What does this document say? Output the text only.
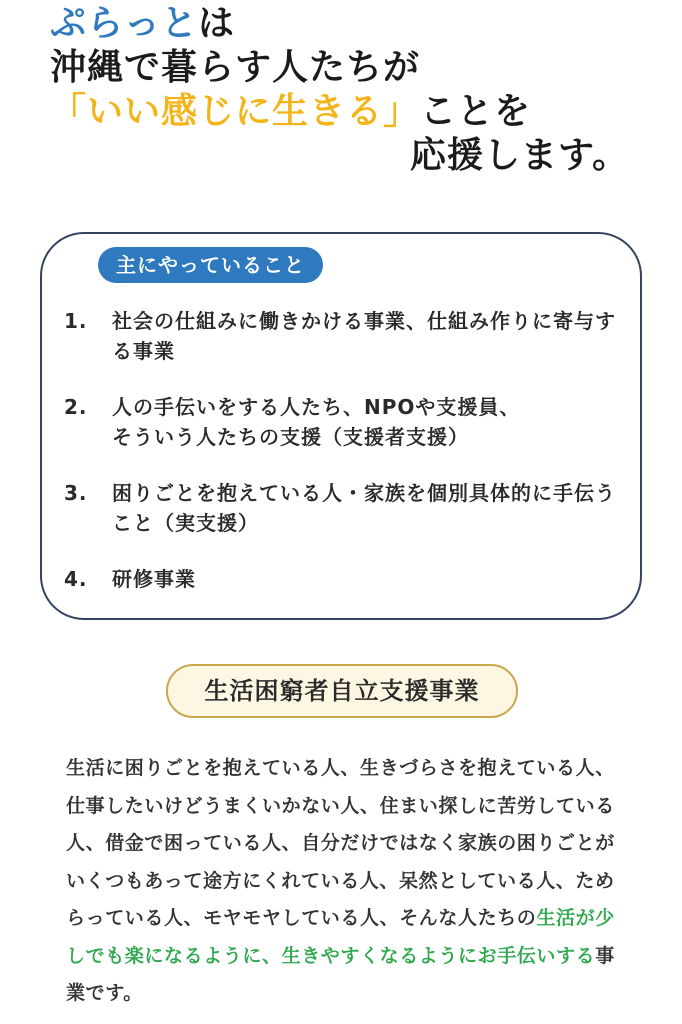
ぷらっとは
沖縄で暮らす人たちが
「いい感じに生きる」ことを
応援します。
主にやっていること
1.	社会の仕組みに働きかける事業、仕組み作りに寄与する事業
2.	人の手伝いをする人たち、NPOや支援員、
そういう人たちの支援（支援者支援）
3.	困りごとを抱えている人・家族を個別具体的に手伝うこと（実支援）
4.	研修事業
生活困窮者自立支援事業

生活に困りごとを抱えている人、生きづらさを抱えている人、仕事したいけどうまくいかない人、住まい探しに苦労している人、借金で困っている人、自分だけではなく家族の困りごとがいくつもあって途方にくれている人、呆然としている人、ためらっている人、モヤモヤしている人、そんな人たちの生活が少しでも楽になるように、生きやすくなるようにお手伝いする事業です。
